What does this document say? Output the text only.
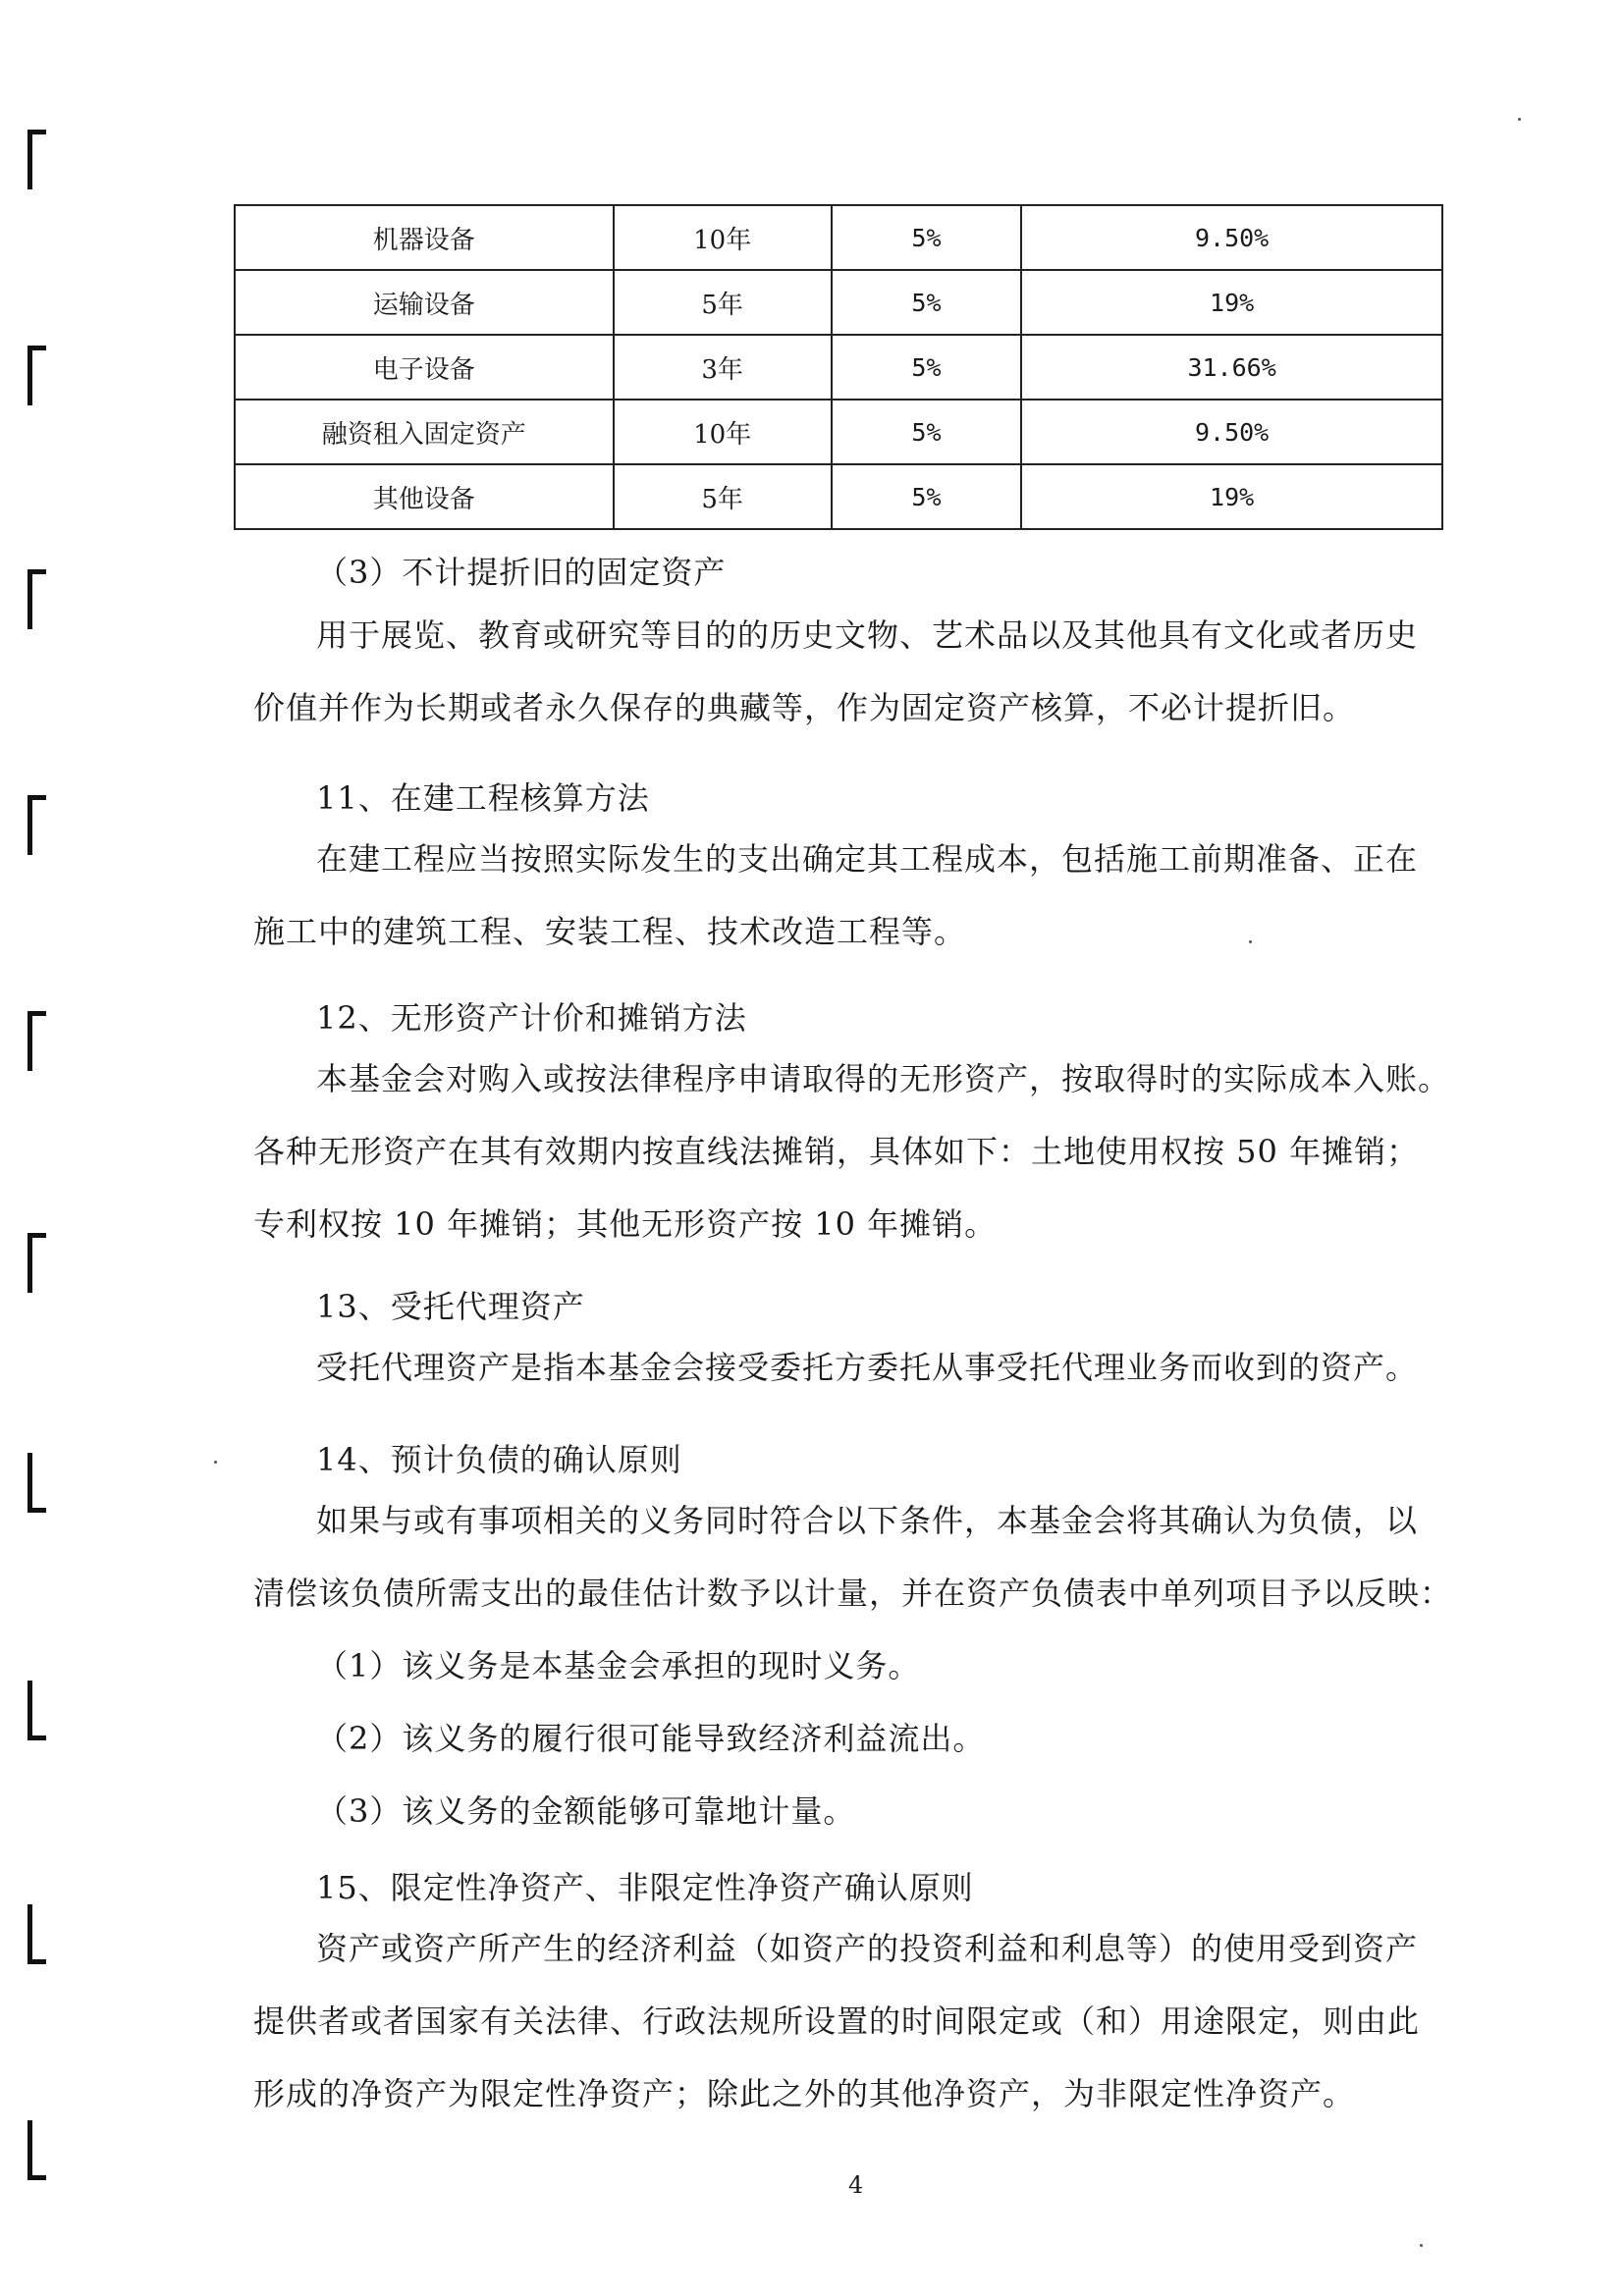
机器设备	10年	5%	9.50%
运输设备	5年	5%	19%
电子设备	3年	5%	31.66%
融资租入固定资产	10年	5%	9.50%
其他设备	5年	5%	19%
（3）不计提折旧的固定资产
用于展览、教育或研究等目的的历史文物、艺术品以及其他具有文化或者历史
价值并作为长期或者永久保存的典藏等，作为固定资产核算，不必计提折旧。
11、在建工程核算方法
在建工程应当按照实际发生的支出确定其工程成本，包括施工前期准备、正在
施工中的建筑工程、安装工程、技术改造工程等。
12、无形资产计价和摊销方法
本基金会对购入或按法律程序申请取得的无形资产，按取得时的实际成本入账。
各种无形资产在其有效期内按直线法摊销，具体如下：土地使用权按 50 年摊销；
专利权按 10 年摊销；其他无形资产按 10 年摊销。
13、受托代理资产
受托代理资产是指本基金会接受委托方委托从事受托代理业务而收到的资产。
14、预计负债的确认原则
如果与或有事项相关的义务同时符合以下条件，本基金会将其确认为负债，以
清偿该负债所需支出的最佳估计数予以计量，并在资产负债表中单列项目予以反映：
（1）该义务是本基金会承担的现时义务。
（2）该义务的履行很可能导致经济利益流出。
（3）该义务的金额能够可靠地计量。
15、限定性净资产、非限定性净资产确认原则
资产或资产所产生的经济利益（如资产的投资利益和利息等）的使用受到资产
提供者或者国家有关法律、行政法规所设置的时间限定或（和）用途限定，则由此
形成的净资产为限定性净资产；除此之外的其他净资产，为非限定性净资产。
4
